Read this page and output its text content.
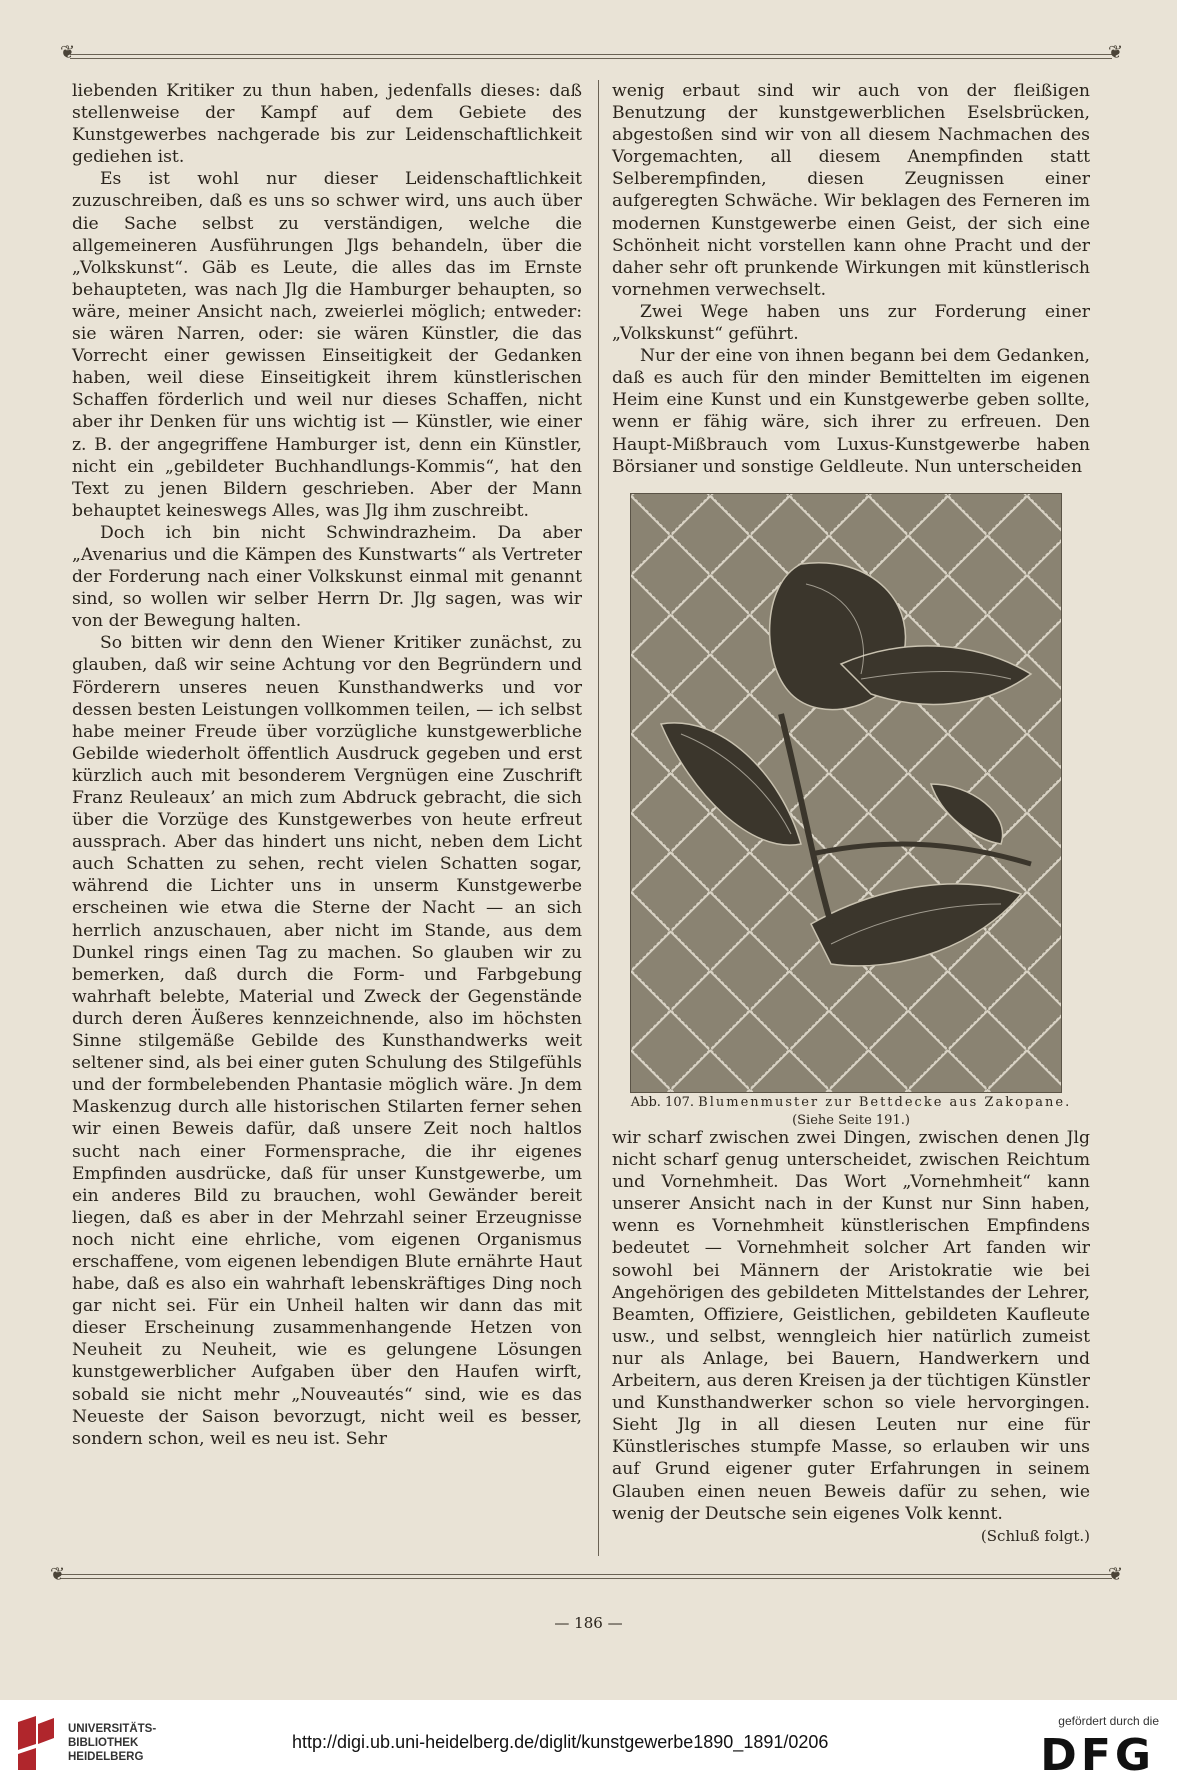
❦	❦
❦	❦

liebenden Kritiker zu thun haben, jedenfalls dieses: daß stellenweise der Kampf auf dem Gebiete des Kunstgewerbes nachgerade bis zur Leidenschaftlichkeit gediehen ist.

Es ist wohl nur dieser Leidenschaftlichkeit zuzuschreiben, daß es uns so schwer wird, uns auch über die Sache selbst zu verständigen, welche die allgemeineren Ausführungen Jlgs behandeln, über die „Volkskunst“. Gäb es Leute, die alles das im Ernste behaupteten, was nach Jlg die Hamburger behaupten, so wäre, meiner Ansicht nach, zweierlei möglich; entweder: sie wären Narren, oder: sie wären Künstler, die das Vorrecht einer gewissen Einseitigkeit der Gedanken haben, weil diese Einseitigkeit ihrem künstlerischen Schaffen förderlich und weil nur dieses Schaffen, nicht aber ihr Denken für uns wichtig ist — Künstler, wie einer z. B. der angegriffene Hamburger ist, denn ein Künstler, nicht ein „gebildeter Buchhandlungs-Kommis“, hat den Text zu jenen Bildern geschrieben. Aber der Mann behauptet keineswegs Alles, was Jlg ihm zuschreibt.

Doch ich bin nicht Schwindrazheim. Da aber „Avenarius und die Kämpen des Kunstwarts“ als Vertreter der Forderung nach einer Volkskunst einmal mit genannt sind, so wollen wir selber Herrn Dr. Jlg sagen, was wir von der Bewegung halten.

So bitten wir denn den Wiener Kritiker zunächst, zu glauben, daß wir seine Achtung vor den Begründern und Förderern unseres neuen Kunsthandwerks und vor dessen besten Leistungen vollkommen teilen, — ich selbst habe meiner Freude über vorzügliche kunstgewerbliche Gebilde wiederholt öffentlich Ausdruck gegeben und erst kürzlich auch mit besonderem Vergnügen eine Zuschrift Franz Reuleaux’ an mich zum Abdruck gebracht, die sich über die Vorzüge des Kunstgewerbes von heute erfreut aussprach. Aber das hindert uns nicht, neben dem Licht auch Schatten zu sehen, recht vielen Schatten sogar, während die Lichter uns in unserm Kunstgewerbe erscheinen wie etwa die Sterne der Nacht — an sich herrlich anzuschauen, aber nicht im Stande, aus dem Dunkel rings einen Tag zu machen. So glauben wir zu bemerken, daß durch die Form- und Farbgebung wahrhaft belebte, Material und Zweck der Gegenstände durch deren Äußeres kennzeichnende, also im höchsten Sinne stilgemäße Gebilde des Kunsthandwerks weit seltener sind, als bei einer guten Schulung des Stilgefühls und der formbelebenden Phantasie möglich wäre. Jn dem Maskenzug durch alle historischen Stilarten ferner sehen wir einen Beweis dafür, daß unsere Zeit noch haltlos sucht nach einer Formensprache, die ihr eigenes Empfinden ausdrücke, daß für unser Kunstgewerbe, um ein anderes Bild zu brauchen, wohl Gewänder bereit liegen, daß es aber in der Mehrzahl seiner Erzeugnisse noch nicht eine ehrliche, vom eigenen Organismus erschaffene, vom eigenen lebendigen Blute ernährte Haut habe, daß es also ein wahrhaft lebenskräftiges Ding noch gar nicht sei. Für ein Unheil halten wir dann das mit dieser Erscheinung zusammenhangende Hetzen von Neuheit zu Neuheit, wie es gelungene Lösungen kunstgewerblicher Aufgaben über den Haufen wirft, sobald sie nicht mehr „Nouveautés“ sind, wie es das Neueste der Saison bevorzugt, nicht weil es besser, sondern schon, weil es neu ist. Sehr

wenig erbaut sind wir auch von der fleißigen Benutzung der kunstgewerblichen Eselsbrücken, abgestoßen sind wir von all diesem Nachmachen des Vorgemachten, all diesem Anempfinden statt Selberempfinden, diesen Zeugnissen einer aufgeregten Schwäche. Wir beklagen des Ferneren im modernen Kunstgewerbe einen Geist, der sich eine Schönheit nicht vorstellen kann ohne Pracht und der daher sehr oft prunkende Wirkungen mit künstlerisch vornehmen verwechselt.

Zwei Wege haben uns zur Forderung einer „Volkskunst“ geführt.

Nur der eine von ihnen begann bei dem Gedanken, daß es auch für den minder Bemittelten im eigenen Heim eine Kunst und ein Kunstgewerbe geben sollte, wenn er fähig wäre, sich ihrer zu erfreuen. Den Haupt-Mißbrauch vom Luxus-Kunstgewerbe haben Börsianer und sonstige Geldleute. Nun unterscheiden

Abb. 107. Blumenmuster zur Bettdecke aus Zakopane.
(Siehe Seite 191.)

wir scharf zwischen zwei Dingen, zwischen denen Jlg nicht scharf genug unterscheidet, zwischen Reichtum und Vornehmheit. Das Wort „Vornehmheit“ kann unserer Ansicht nach in der Kunst nur Sinn haben, wenn es Vornehmheit künstlerischen Empfindens bedeutet — Vornehmheit solcher Art fanden wir sowohl bei Männern der Aristokratie wie bei Angehörigen des gebildeten Mittelstandes der Lehrer, Beamten, Offiziere, Geistlichen, gebildeten Kaufleute usw., und selbst, wenngleich hier natürlich zumeist nur als Anlage, bei Bauern, Handwerkern und Arbeitern, aus deren Kreisen ja der tüchtigen Künstler und Kunsthandwerker schon so viele hervorgingen. Sieht Jlg in all diesen Leuten nur eine für Künstlerisches stumpfe Masse, so erlauben wir uns auf Grund eigener guter Erfahrungen in seinem Glauben einen neuen Beweis dafür zu sehen, wie wenig der Deutsche sein eigenes Volk kennt.
(Schluß folgt.)

— 186 —
UNIVERSITÄTS-
BIBLIOTHEK
HEIDELBERG
http://digi.ub.uni-heidelberg.de/diglit/kunstgewerbe1890_1891/0206
gefördert durch die
DFG
